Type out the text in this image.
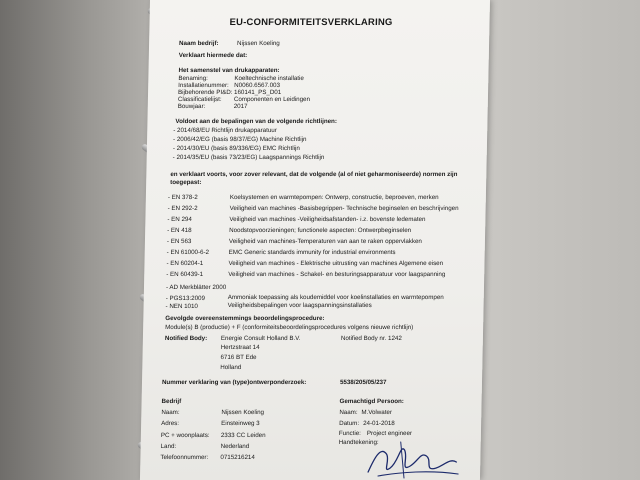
EU-CONFORMITEITSVERKLARING
Naam bedrijf:	Nijssen Koeling
Verklaart hiermede dat:
Het samenstel van drukapparaten:
Benaming:	Koeltechnische installatie
Installatienummer: N0060.6567.003
Bijbehorende PI&D: 160141_PS_D01
Classificatielijst: Componenten en Leidingen
Bouwjaar:	2017
Voldoet aan de bepalingen van de volgende richtlijnen:
- 2014/68/EU Richtlijn drukapparatuur
- 2006/42/EG (basis 98/37/EG) Machine Richtlijn
- 2014/30/EU (basis 89/336/EG) EMC Richtlijn
- 2014/35/EU (basis 73/23/EG) Laagspannings Richtlijn
en verklaart voorts, voor zover relevant, dat de volgende (al of niet geharmoniseerde) normen zijn
toegepast:
- EN 378-2	Koelsystemen en warmtepompen: Ontwerp, constructie, beproeven, merken
- EN 292-2	Veiligheid van machines -Basisbegrippen- Technische beginselen en beschrijvingen
- EN 294	Veiligheid van machines -Veiligheidsafstanden- i.z. bovenste ledematen
- EN 418	Noodstopvoorzieningen; functionele aspecten: Ontwerpbeginselen
- EN 563	Veiligheid van machines-Temperaturen van aan te raken oppervlakken
- EN 61000-6-2	EMC Generic standards immunity for industrial environments
- EN 60204-1	Veiligheid van machines - Elektrische uitrusting van machines Algemene eisen
- EN 60439-1	Veiligheid van machines - Schakel- en besturingsapparatuur voor laagspanning
- AD Merkblätter 2000
- PGS13:2009	Ammoniak toepassing als koudemiddel voor koelinstallaties en warmtepompen
- NEN 1010	Veiligheidsbepalingen voor laagspanningsinstallaties
Gevolgde overeenstemmings beoordelingsprocedure:
Module(s) B (productie) + F (conformiteitsbeoordelingsprocedures volgens nieuwe richtlijn)
Notified Body: Energie Consult Holland B.V.
Hertzstraat 14
6716 BT Ede
Holland
Notified Body nr. 1242
Nummer verklaring van (type)ontwerponderzoek:	5538/205/05/237
Bedrijf	Gemachtigd Persoon:
Naam:	Nijssen Koeling
Adres:	Einsteinweg 3
PC + woonplaats: 2333 CC Leiden
Land:	Nederland
Telefoonnummer: 0715216214
Naam: M.Volwater
Datum: 24-01-2018
Functie: Project engineer
Handtekening:
